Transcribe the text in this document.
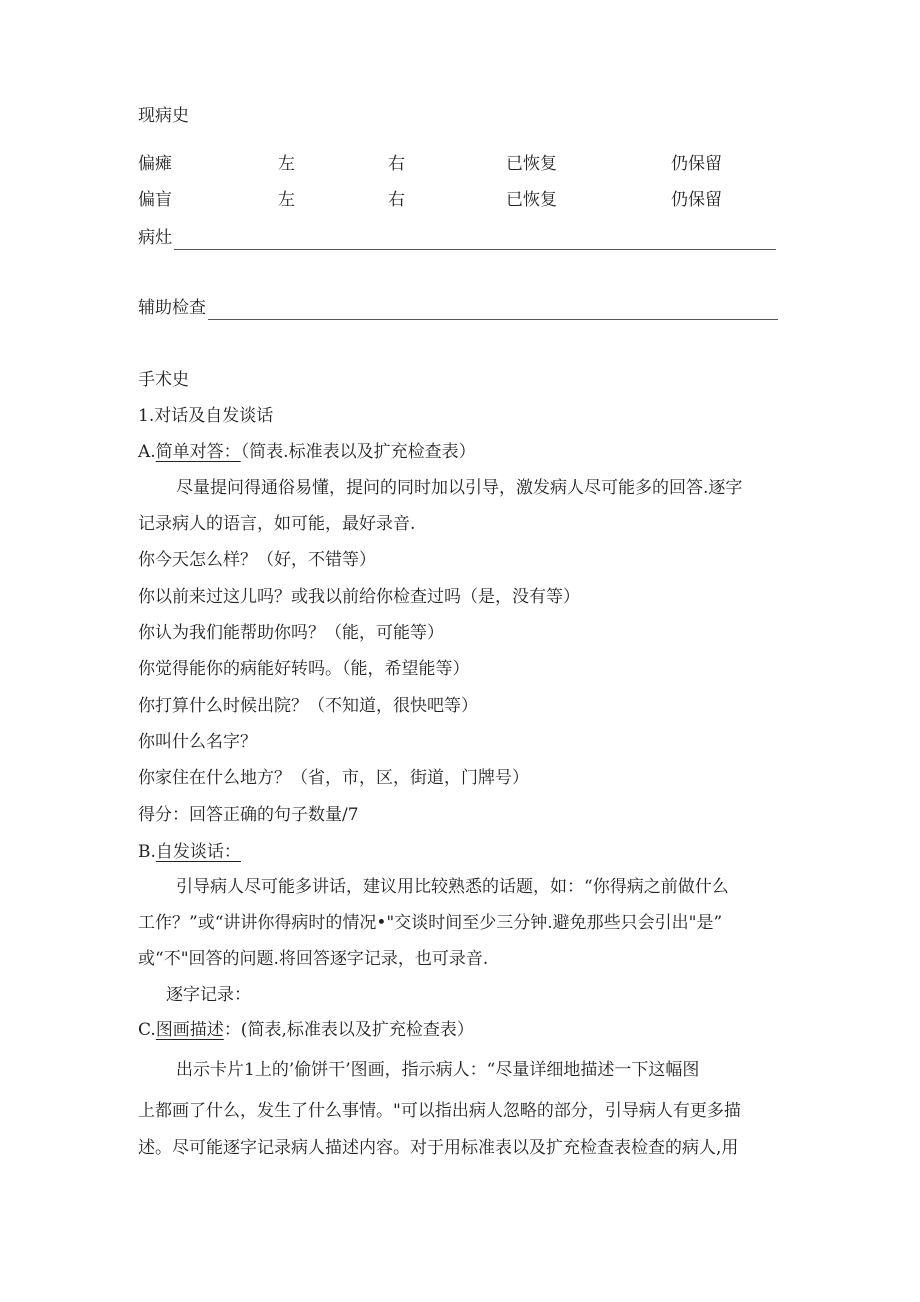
现病史
偏瘫	左	右	已恢复	仍保留
偏盲	左	右	已恢复	仍保留
病灶
辅助检查
手术史
1.对话及自发谈话
A.简单对答：（简表.标准表以及扩充检查表）
尽量提问得通俗易懂，提问的同时加以引导，激发病人尽可能多的回答.逐字
记录病人的语言，如可能，最好录音.
你今天怎么样？（好，不错等）
你以前来过这儿吗？或我以前给你检查过吗（是，没有等）
你认为我们能帮助你吗？（能，可能等）
你觉得能你的病能好转吗。（能，希望能等）
你打算什么时候出院？（不知道，很快吧等）
你叫什么名字？
你家住在什么地方？（省，市，区，街道，门牌号）
得分：回答正确的句子数量/7
B.自发谈话：
引导病人尽可能多讲话，建议用比较熟悉的话题，如：“你得病之前做什么
工作？”或“讲讲你得病时的情况•"交谈时间至少三分钟.避免那些只会引出"是”
或“不"回答的问题.将回答逐字记录，也可录音.
逐字记录：
C.图画描述：(简表,标准表以及扩充检查表）
出示卡片1上的’偷饼干’图画，指示病人：“尽量详细地描述一下这幅图
上都画了什么，发生了什么事情。"可以指出病人忽略的部分，引导病人有更多描
述。尽可能逐字记录病人描述内容。对于用标准表以及扩充检查表检查的病人,用
